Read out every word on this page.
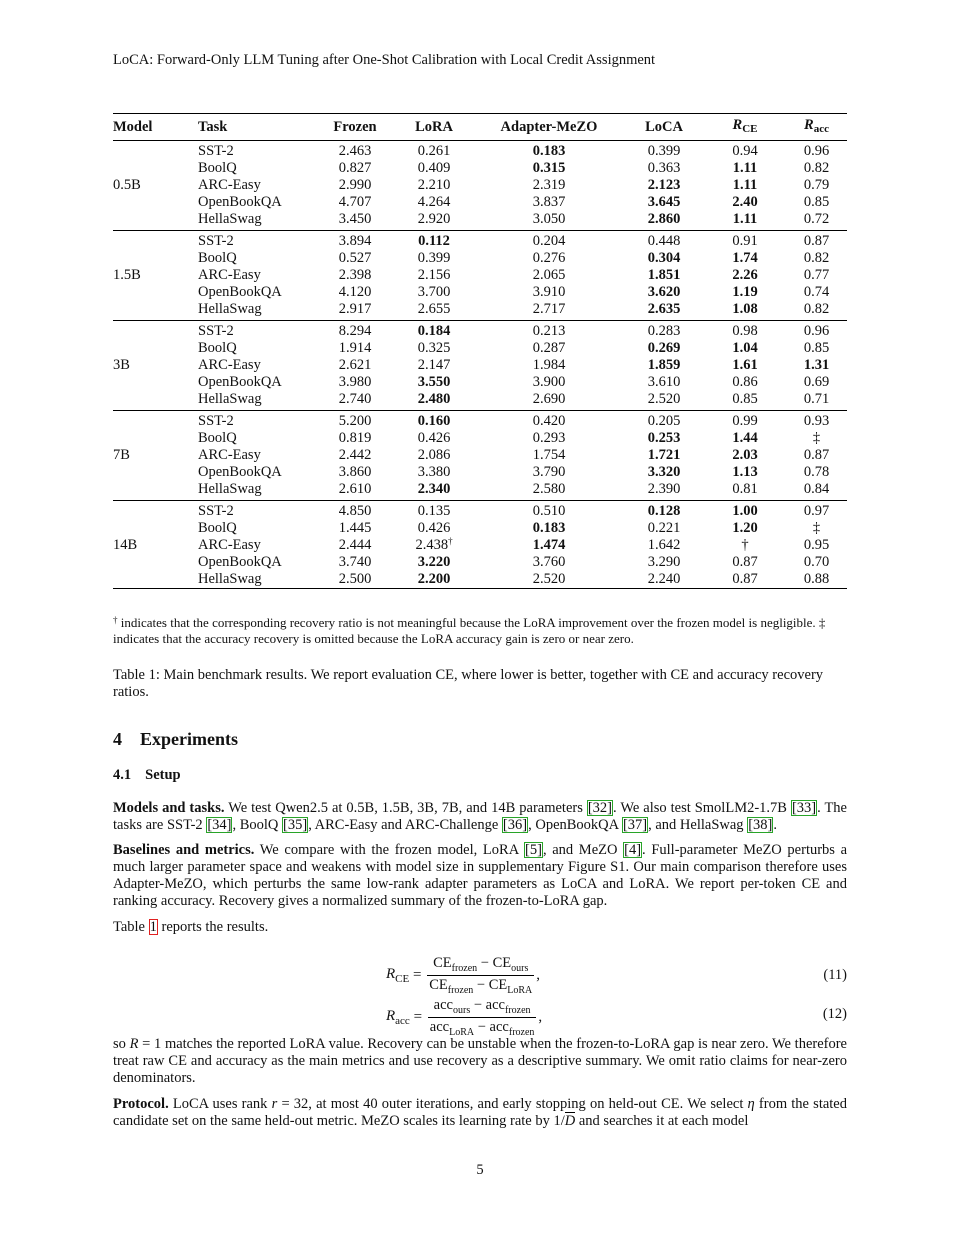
LoCA: Forward-Only LLM Tuning after One-Shot Calibration with Local Credit Assignment
Model	Task	Frozen	LoRA	Adapter-MeZO	LoCA	$R_{CE}$	$R_{acc}$
	SST-2	2.463	0.261	0.183	0.399	0.94	0.96
	BoolQ	0.827	0.409	0.315	0.363	1.11	0.82
0.5B	ARC-Easy	2.990	2.210	2.319	2.123	1.11	0.79
	OpenBookQA	4.707	4.264	3.837	3.645	2.40	0.85
	HellaSwag	3.450	2.920	3.050	2.860	1.11	0.72
	SST-2	3.894	0.112	0.204	0.448	0.91	0.87
	BoolQ	0.527	0.399	0.276	0.304	1.74	0.82
1.5B	ARC-Easy	2.398	2.156	2.065	1.851	2.26	0.77
	OpenBookQA	4.120	3.700	3.910	3.620	1.19	0.74
	HellaSwag	2.917	2.655	2.717	2.635	1.08	0.82
	SST-2	8.294	0.184	0.213	0.283	0.98	0.96
	BoolQ	1.914	0.325	0.287	0.269	1.04	0.85
3B	ARC-Easy	2.621	2.147	1.984	1.859	1.61	1.31
	OpenBookQA	3.980	3.550	3.900	3.610	0.86	0.69
	HellaSwag	2.740	2.480	2.690	2.520	0.85	0.71
	SST-2	5.200	0.160	0.420	0.205	0.99	0.93
	BoolQ	0.819	0.426	0.293	0.253	1.44	‡
7B	ARC-Easy	2.442	2.086	1.754	1.721	2.03	0.87
	OpenBookQA	3.860	3.380	3.790	3.320	1.13	0.78
	HellaSwag	2.610	2.340	2.580	2.390	0.81	0.84
	SST-2	4.850	0.135	0.510	0.128	1.00	0.97
	BoolQ	1.445	0.426	0.183	0.221	1.20	‡
14B	ARC-Easy	2.444	2.438†	1.474	1.642	†	0.95
	OpenBookQA	3.740	3.220	3.760	3.290	0.87	0.70
	HellaSwag	2.500	2.200	2.520	2.240	0.87	0.88
† indicates that the corresponding recovery ratio is not meaningful because the LoRA improvement over the frozen model is negligible. ‡ indicates that the accuracy recovery is omitted because the LoRA accuracy gain is zero or near zero.
Table 1: Main benchmark results. We report evaluation CE, where lower is better, together with CE and accuracy recovery ratios.
4 Experiments
4.1 Setup

Models and tasks. We test Qwen2.5 at 0.5B, 1.5B, 3B, 7B, and 14B parameters [32]. We also test SmolLM2-1.7B [33]. The tasks are SST-2 [34], BoolQ [35], ARC-Easy and ARC-Challenge [36], OpenBookQA [37], and HellaSwag [38].

Baselines and metrics. We compare with the frozen model, LoRA [5], and MeZO [4]. Full-parameter MeZO perturbs a much larger parameter space and weakens with model size in supplementary Figure S1. Our main comparison therefore uses Adapter-MeZO, which perturbs the same low-rank adapter parameters as LoCA and LoRA. We report per-token CE and ranking accuracy. Recovery gives a normalized summary of the frozen-to-LoRA gap.

Table 1 reports the results.

$R_{CE} = \frac{CE_{frozen} - CE_{ours}}{CE_{frozen} - CE_{LoRA}}$ ,	(11)
$R_{acc} = \frac{acc_{ours} - acc_{frozen}}{acc_{LoRA} - acc_{frozen}}$ ,	(12)

so R = 1 matches the reported LoRA value. Recovery can be unstable when the frozen-to-LoRA gap is near zero. We therefore treat raw CE and accuracy as the main metrics and use recovery as a descriptive summary. We omit ratio claims for near-zero denominators.

Protocol. LoCA uses rank r = 32, at most 40 outer iterations, and early stopping on held-out CE. We select η from the stated candidate set on the same held-out metric. MeZO scales its learning rate by 1/D and searches it at each model

5
